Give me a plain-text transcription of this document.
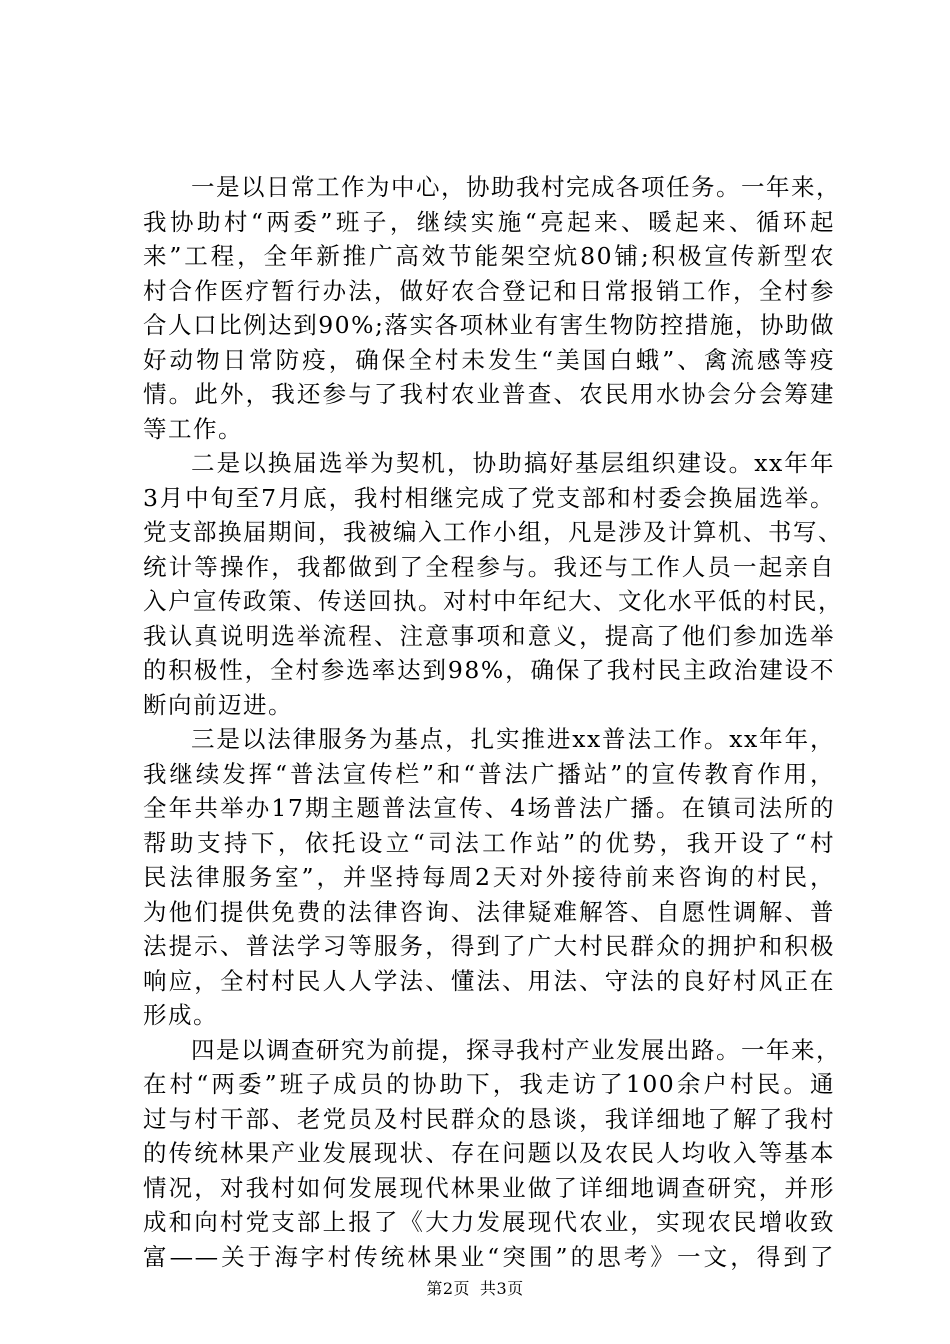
一是以日常工作为中心，协助我村完成各项任务。一年来，
我协助村“两委”班子，继续实施“亮起来、暖起来、循环起
来”工程，全年新推广高效节能架空炕80铺;积极宣传新型农
村合作医疗暂行办法，做好农合登记和日常报销工作，全村参
合人口比例达到90%;落实各项林业有害生物防控措施，协助做
好动物日常防疫，确保全村未发生“美国白蛾”、禽流感等疫
情。此外，我还参与了我村农业普查、农民用水协会分会筹建
等工作。
二是以换届选举为契机，协助搞好基层组织建设。xx年年
3月中旬至7月底，我村相继完成了党支部和村委会换届选举。
党支部换届期间，我被编入工作小组，凡是涉及计算机、书写、
统计等操作，我都做到了全程参与。我还与工作人员一起亲自
入户宣传政策、传送回执。对村中年纪大、文化水平低的村民，
我认真说明选举流程、注意事项和意义，提高了他们参加选举
的积极性，全村参选率达到98%，确保了我村民主政治建设不
断向前迈进。
三是以法律服务为基点，扎实推进xx普法工作。xx年年，
我继续发挥“普法宣传栏”和“普法广播站”的宣传教育作用，
全年共举办17期主题普法宣传、4场普法广播。在镇司法所的
帮助支持下，依托设立“司法工作站”的优势，我开设了“村
民法律服务室”，并坚持每周2天对外接待前来咨询的村民，
为他们提供免费的法律咨询、法律疑难解答、自愿性调解、普
法提示、普法学习等服务，得到了广大村民群众的拥护和积极
响应，全村村民人人学法、懂法、用法、守法的良好村风正在
形成。
四是以调查研究为前提，探寻我村产业发展出路。一年来，
在村“两委”班子成员的协助下，我走访了100余户村民。通
过与村干部、老党员及村民群众的恳谈，我详细地了解了我村
的传统林果产业发展现状、存在问题以及农民人均收入等基本
情况，对我村如何发展现代林果业做了详细地调查研究，并形
成和向村党支部上报了《大力发展现代农业，实现农民增收致
富——关于海字村传统林果业“突围”的思考》一文，得到了
第2页 共3页
